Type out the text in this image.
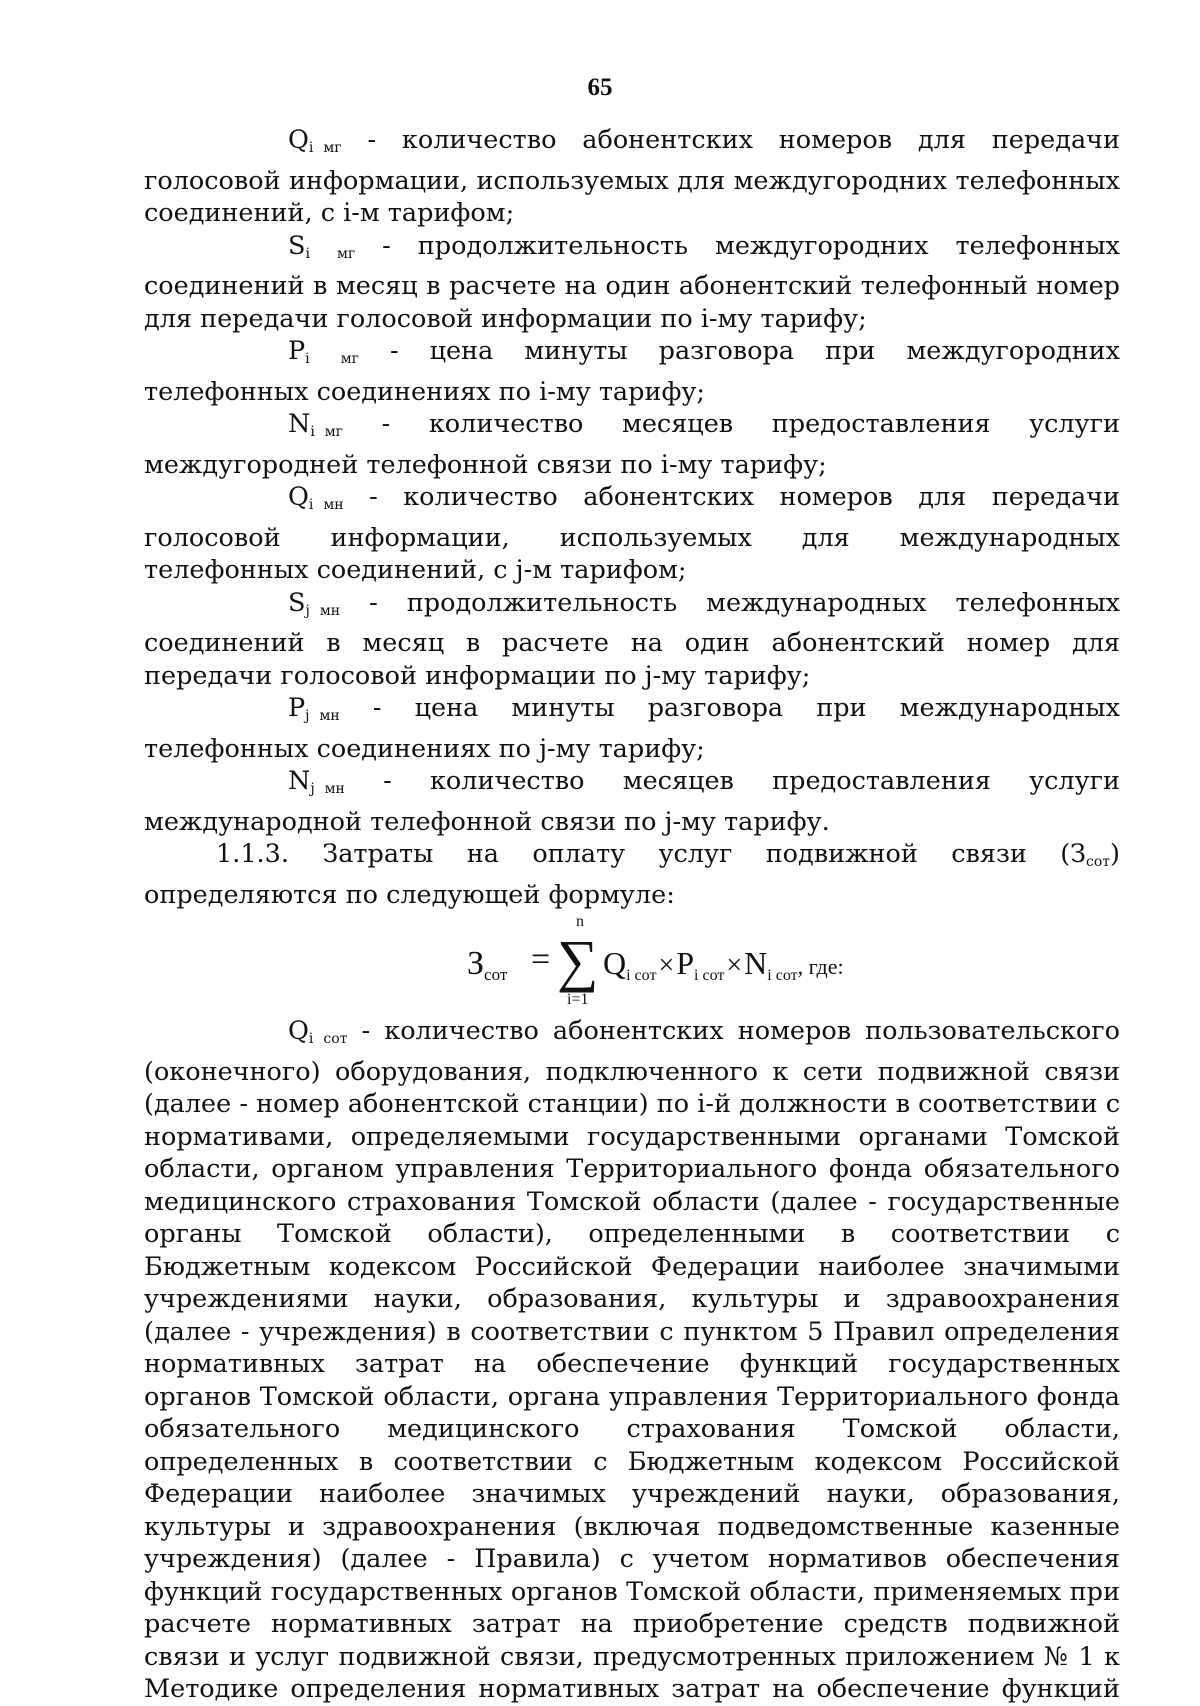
65

$Q_i$ $_{мг}$ - количество абонентских номеров для передачи голосовой информации, используемых для междугородних телефонных соединений, с i-м тарифом;

$S_i$ $_{мг}$ - продолжительность междугородних телефонных соединений в месяц в расчете на один абонентский телефонный номер для передачи голосовой информации по i-му тарифу;

$P_i$ $_{мг}$ - цена минуты разговора при междугородних телефонных соединениях по i-му тарифу;

$N_i$ $_{мг}$ - количество месяцев предоставления услуги междугородней телефонной связи по i-му тарифу;

$Q_i$ $_{мн}$ - количество абонентских номеров для передачи голосовой информации, используемых для международных телефонных соединений, с j-м тарифом;

$S_j$ $_{мн}$ - продолжительность международных телефонных соединений в месяц в расчете на один абонентский номер для передачи голосовой информации по j-му тарифу;

$P_j$ $_{мн}$ - цена минуты разговора при международных телефонных соединениях по j-му тарифу;

$N_j$ $_{мн}$ - количество месяцев предоставления услуги международной телефонной связи по j-му тарифу.

1.1.3. Затраты на оплату услуг подвижной связи $(З_{сот})$ определяются по следующей формуле:

Зсот =
n
∑
i=1
Qi сот×Pi сот×Ni сот, где:

$Q_i$ $_{сот}$ - количество абонентских номеров пользовательского (оконечного) оборудования, подключенного к сети подвижной связи (далее - номер абонентской станции) по i-й должности в соответствии с нормативами, определяемыми государственными органами Томской области, органом управления Территориального фонда обязательного медицинского страхования Томской области (далее - государственные органы Томской области), определенными в соответствии с Бюджетным кодексом Российской Федерации наиболее значимыми учреждениями науки, образования, культуры и здравоохранения (далее - учреждения) в соответствии с пунктом 5 Правил определения нормативных затрат на обеспечение функций государственных органов Томской области, органа управления Территориального фонда обязательного медицинского страхования Томской области, определенных в соответствии с Бюджетным кодексом Российской Федерации наиболее значимых учреждений науки, образования, культуры и здравоохранения (включая подведомственные казенные учреждения) (далее - Правила) с учетом нормативов обеспечения функций государственных органов Томской области, применяемых при расчете нормативных затрат на приобретение средств подвижной связи и услуг подвижной связи, предусмотренных приложением № 1 к Методике определения нормативных затрат на обеспечение функций
